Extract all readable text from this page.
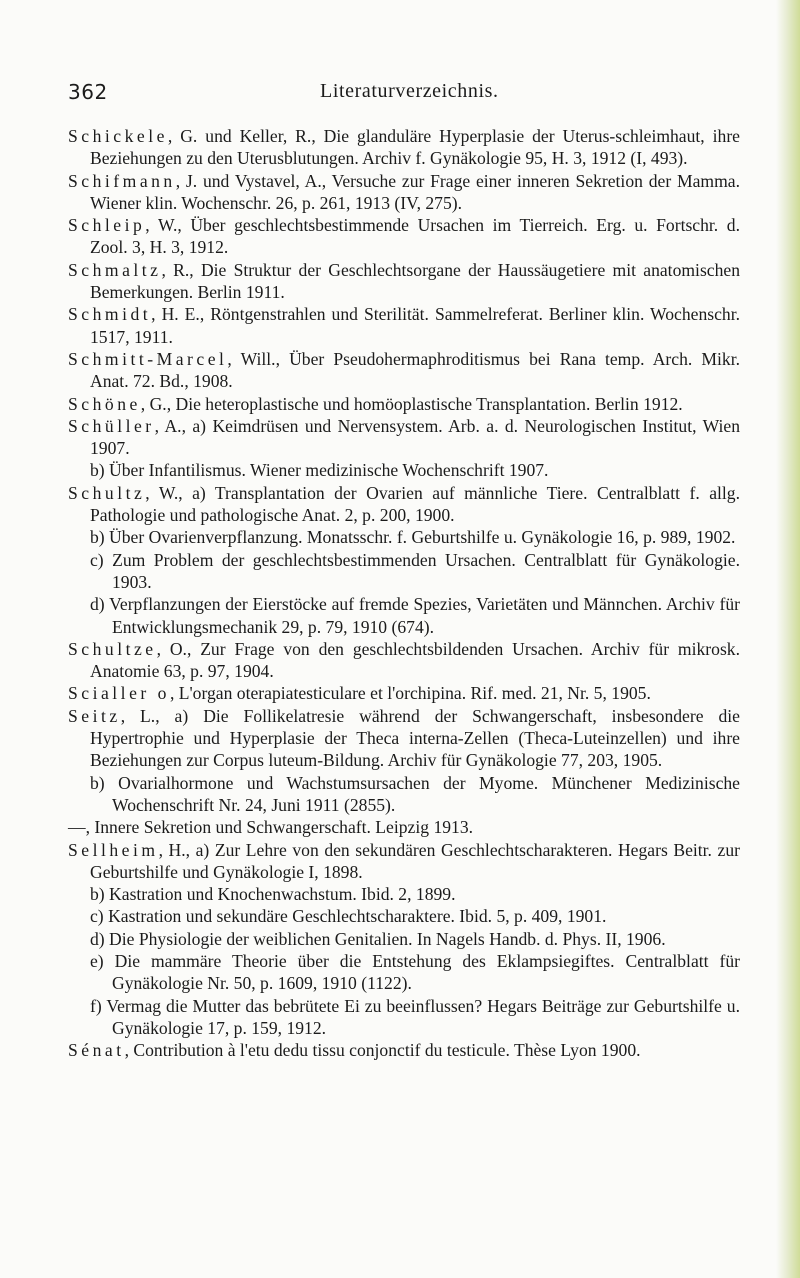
362	Literaturverzeichnis.
Schickele, G. und Keller, R., Die glanduläre Hyperplasie der Uterus-schleimhaut, ihre Beziehungen zu den Uterusblutungen. Archiv f. Gynäkologie 95, H. 3, 1912 (I, 493).
Schifmann, J. und Vystavel, A., Versuche zur Frage einer inneren Sekretion der Mamma. Wiener klin. Wochenschr. 26, p. 261, 1913 (IV, 275).
Schleip, W., Über geschlechtsbestimmende Ursachen im Tierreich. Erg. u. Fortschr. d. Zool. 3, H. 3, 1912.
Schmaltz, R., Die Struktur der Geschlechtsorgane der Haussäugetiere mit anatomischen Bemerkungen. Berlin 1911.
Schmidt, H. E., Röntgenstrahlen und Sterilität. Sammelreferat. Berliner klin. Wochenschr. 1517, 1911.
Schmitt-Marcel, Will., Über Pseudohermaphroditismus bei Rana temp. Arch. Mikr. Anat. 72. Bd., 1908.
Schöne, G., Die heteroplastische und homöoplastische Transplantation. Berlin 1912.
Schüller, A., a) Keimdrüsen und Nervensystem. Arb. a. d. Neurologischen Institut, Wien 1907.
b) Über Infantilismus. Wiener medizinische Wochenschrift 1907.
Schultz, W., a) Transplantation der Ovarien auf männliche Tiere. Centralblatt f. allg. Pathologie und pathologische Anat. 2, p. 200, 1900.
b) Über Ovarienverpflanzung. Monatsschr. f. Geburtshilfe u. Gynäkologie 16, p. 989, 1902.
c) Zum Problem der geschlechtsbestimmenden Ursachen. Centralblatt für Gynäkologie. 1903.
d) Verpflanzungen der Eierstöcke auf fremde Spezies, Varietäten und Männchen. Archiv für Entwicklungsmechanik 29, p. 79, 1910 (674).
Schultze, O., Zur Frage von den geschlechtsbildenden Ursachen. Archiv für mikrosk. Anatomie 63, p. 97, 1904.
Scialler o, L'organ oterapiatesticulare et l'orchipina. Rif. med. 21, Nr. 5, 1905.
Seitz, L., a) Die Follikelatresie während der Schwangerschaft, insbesondere die Hypertrophie und Hyperplasie der Theca interna-Zellen (Theca-Luteinzellen) und ihre Beziehungen zur Corpus luteum-Bildung. Archiv für Gynäkologie 77, 203, 1905.
b) Ovarialhormone und Wachstumsursachen der Myome. Münchener Medizinische Wochenschrift Nr. 24, Juni 1911 (2855).
—, Innere Sekretion und Schwangerschaft. Leipzig 1913.
Sellheim, H., a) Zur Lehre von den sekundären Geschlechtscharakteren. Hegars Beitr. zur Geburtshilfe und Gynäkologie I, 1898.
b) Kastration und Knochenwachstum. Ibid. 2, 1899.
c) Kastration und sekundäre Geschlechtscharaktere. Ibid. 5, p. 409, 1901.
d) Die Physiologie der weiblichen Genitalien. In Nagels Handb. d. Phys. II, 1906.
e) Die mammäre Theorie über die Entstehung des Eklampsiegiftes. Centralblatt für Gynäkologie Nr. 50, p. 1609, 1910 (1122).
f) Vermag die Mutter das bebrütete Ei zu beeinflussen? Hegars Beiträge zur Geburtshilfe u. Gynäkologie 17, p. 159, 1912.
Sénat, Contribution à l'etu dedu tissu conjonctif du testicule. Thèse Lyon 1900.
